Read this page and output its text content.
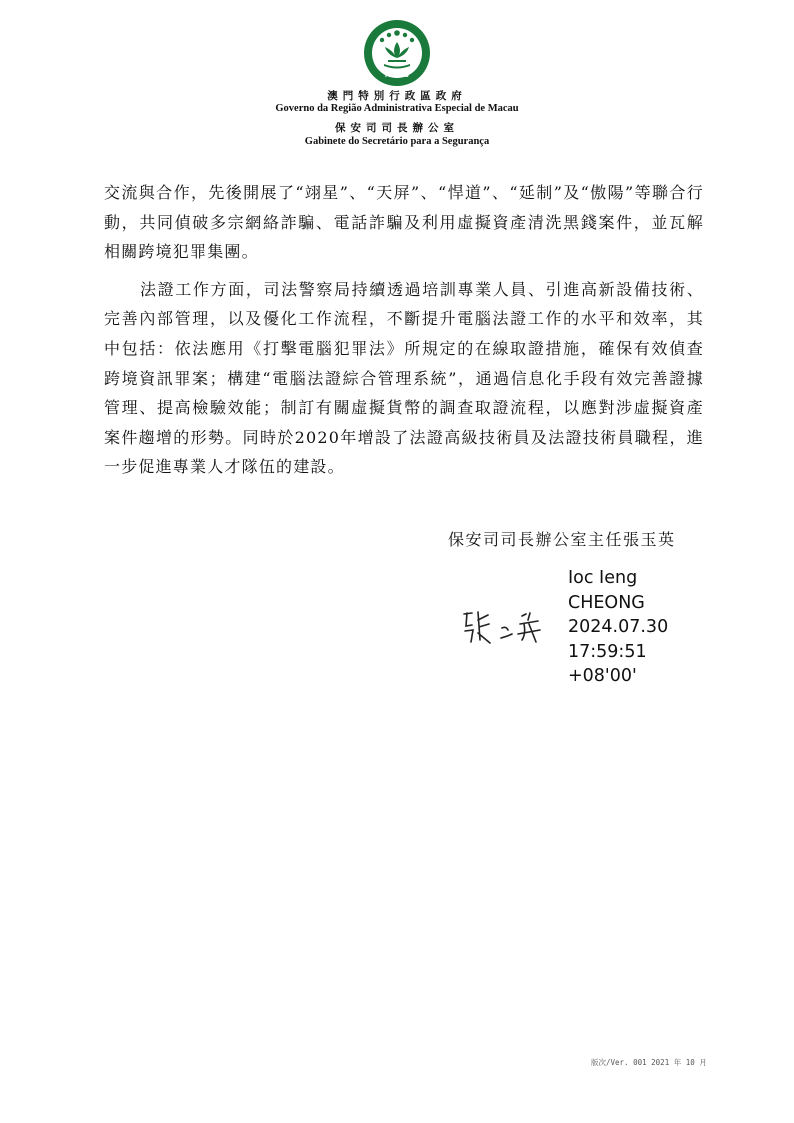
MACAU
澳門特別行政區政府
Governo da Região Administrativa Especial de Macau
保安司司長辦公室
Gabinete do Secretário para a Segurança

交流與合作，先後開展了“翊星”、“天屏”、“悍道”、“延制”及“傲陽”等聯合行動，共同偵破多宗網絡詐騙、電話詐騙及利用虛擬資產清洗黑錢案件，並瓦解相關跨境犯罪集團。

法證工作方面，司法警察局持續透過培訓專業人員、引進高新設備技術、完善內部管理，以及優化工作流程，不斷提升電腦法證工作的水平和效率，其中包括：依法應用《打擊電腦犯罪法》所規定的在線取證措施，確保有效偵查跨境資訊罪案；構建“電腦法證綜合管理系統”，通過信息化手段有效完善證據管理、提高檢驗效能；制訂有關虛擬貨幣的調查取證流程，以應對涉虛擬資產案件趨增的形勢。同時於2020年增設了法證高級技術員及法證技術員職程，進一步促進專業人才隊伍的建設。

保安司司長辦公室主任張玉英
Ioc Ieng
CHEONG
2024.07.30
17:59:51
+08'00'
版次/Ver. 001 2021 年 10 月
